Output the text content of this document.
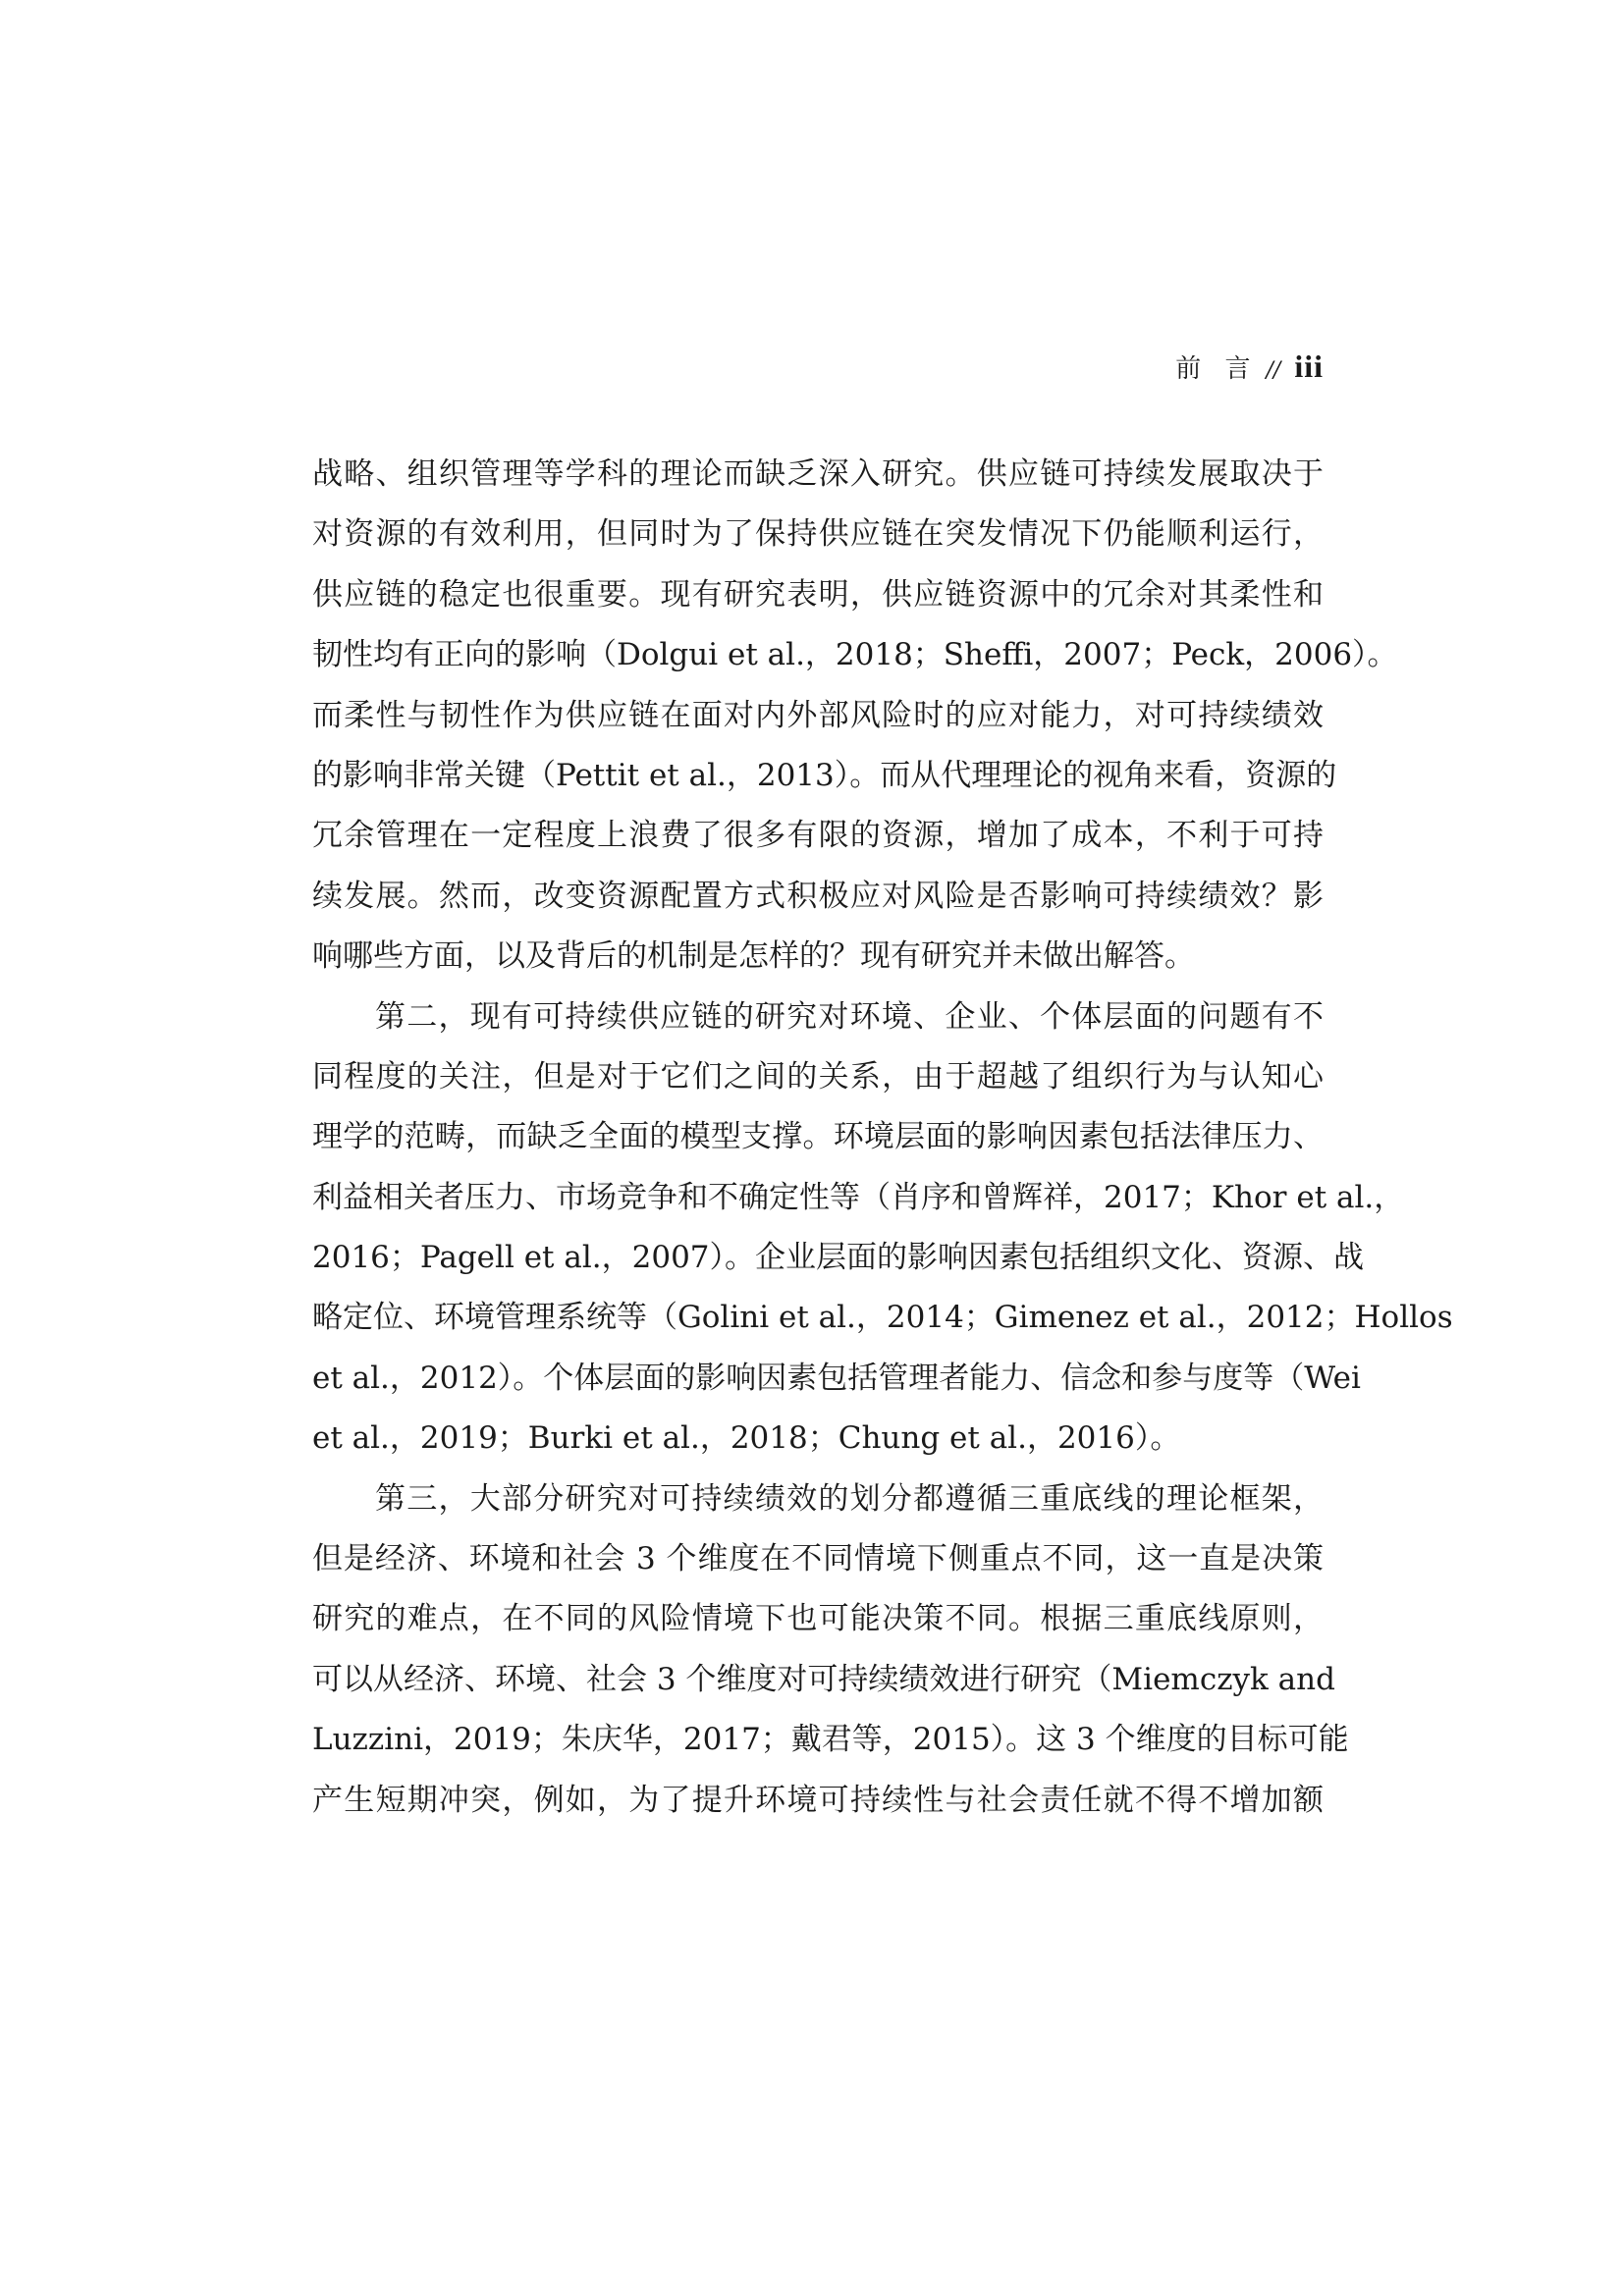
前 言 // iii
战略、组织管理等学科的理论而缺乏深入研究。供应链可持续发展取决于
对资源的有效利用，但同时为了保持供应链在突发情况下仍能顺利运行，
供应链的稳定也很重要。现有研究表明，供应链资源中的冗余对其柔性和
韧性均有正向的影响（Dolgui et al.，2018；Sheffi，2007；Peck，2006）。
而柔性与韧性作为供应链在面对内外部风险时的应对能力，对可持续绩效
的影响非常关键（Pettit et al.，2013）。而从代理理论的视角来看，资源的
冗余管理在一定程度上浪费了很多有限的资源，增加了成本，不利于可持
续发展。然而，改变资源配置方式积极应对风险是否影响可持续绩效？影
响哪些方面，以及背后的机制是怎样的？现有研究并未做出解答。
第二，现有可持续供应链的研究对环境、企业、个体层面的问题有不
同程度的关注，但是对于它们之间的关系，由于超越了组织行为与认知心
理学的范畴，而缺乏全面的模型支撑。环境层面的影响因素包括法律压力、
利益相关者压力、市场竞争和不确定性等（肖序和曾辉祥，2017；Khor et al.，
2016；Pagell et al.，2007）。企业层面的影响因素包括组织文化、资源、战
略定位、环境管理系统等（Golini et al.，2014；Gimenez et al.，2012；Hollos
et al.，2012）。个体层面的影响因素包括管理者能力、信念和参与度等（Wei
et al.，2019；Burki et al.，2018；Chung et al.，2016）。
第三，大部分研究对可持续绩效的划分都遵循三重底线的理论框架，
但是经济、环境和社会 3 个维度在不同情境下侧重点不同，这一直是决策
研究的难点，在不同的风险情境下也可能决策不同。根据三重底线原则，
可以从经济、环境、社会 3 个维度对可持续绩效进行研究（Miemczyk and
Luzzini，2019；朱庆华，2017；戴君等，2015）。这 3 个维度的目标可能
产生短期冲突，例如，为了提升环境可持续性与社会责任就不得不增加额
